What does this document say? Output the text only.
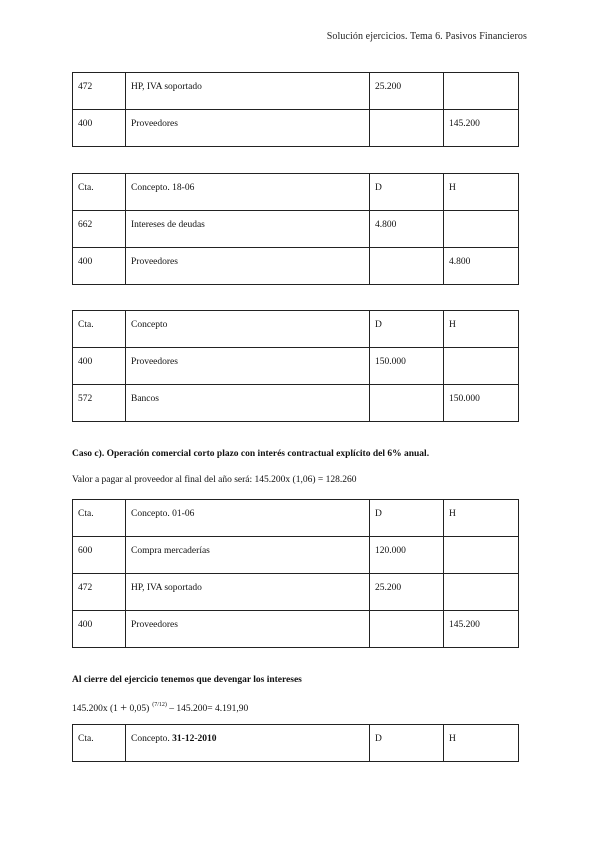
Solución ejercicios. Tema 6. Pasivos Financieros
472	HP, IVA soportado	25.200	
400	Proveedores		145.200
Cta.	Concepto. 18-06	D	H
662	Intereses de deudas	4.800	
400	Proveedores		4.800
Cta.	Concepto	D	H
400	Proveedores	150.000	
572	Bancos		150.000
Caso c). Operación comercial corto plazo con interés contractual explícito del 6% anual.
Valor a pagar al proveedor al final del año será: 145.200x (1,06) = 128.260
Cta.	Concepto. 01-06	D	H
600	Compra mercaderías	120.000	
472	HP, IVA soportado	25.200	
400	Proveedores		145.200
Al cierre del ejercicio tenemos que devengar los intereses
145.200x (1 + 0,05) $^{(7/12)}$ – 145.200= 4.191,90
Cta.	Concepto. 31-12-2010	D	H
